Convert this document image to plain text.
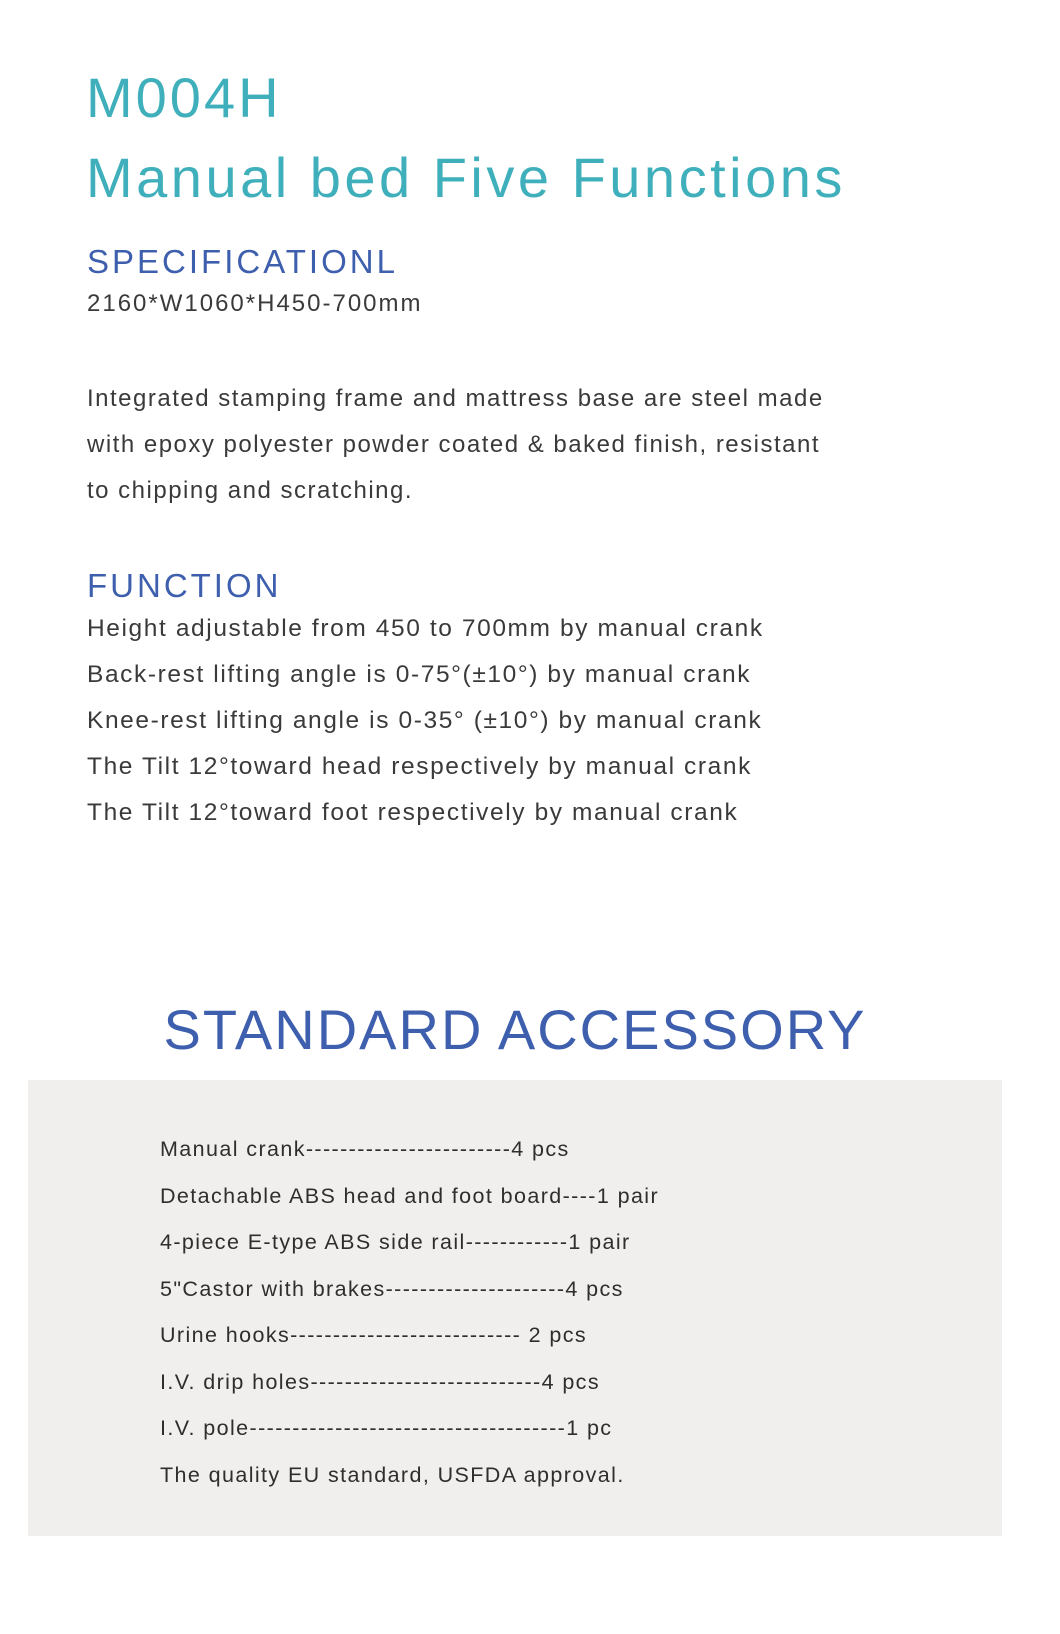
M004H
Manual bed Five Functions
SPECIFICATIONL

2160*W1060*H450-700mm

Integrated stamping frame and mattress base are steel made
with epoxy polyester powder coated & baked finish, resistant
to chipping and scratching.

FUNCTION
Height adjustable from 450 to 700mm by manual crank
Back-rest lifting angle is 0-75°(±10°) by manual crank
Knee-rest lifting angle is 0-35° (±10°) by manual crank
The Tilt 12°toward head respectively by manual crank
The Tilt 12°toward foot respectively by manual crank
STANDARD ACCESSORY
Manual crank------------------------4 pcs
Detachable ABS head and foot board----1 pair
4-piece E-type ABS side rail------------1 pair
5"Castor with brakes---------------------4 pcs
Urine hooks--------------------------- 2 pcs
I.V. drip holes---------------------------4 pcs
I.V. pole-------------------------------------1 pc
The quality EU standard, USFDA approval.
